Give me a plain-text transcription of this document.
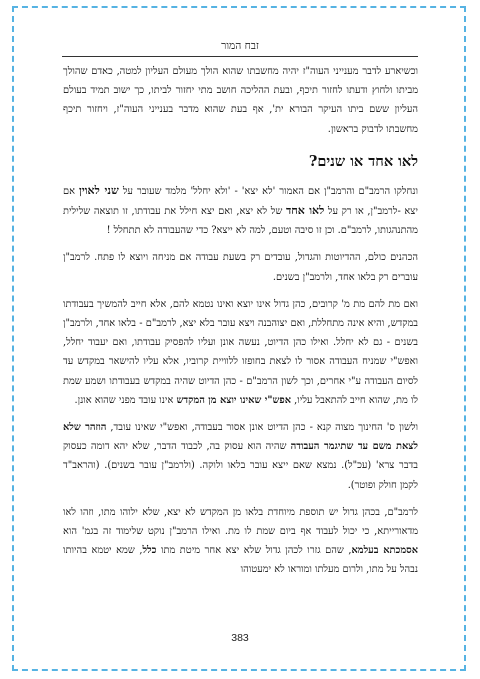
זבח המור

וכשיארע לדבר מענייני העוה"ז יהיה מחשבתו שהוא הולך מעולם העליון למטה, כאדם שהולך מביתו ולחוץ ודעתו לחזור תיכף, ובעת ההליכה חושב מתי יחזור לביתו, כך ישוב תמיד בעולם העליון ששם ביתו העיקר הבורא ית', אף בעת שהוא מדבר בענייני העוה"ז, ויחזור תיכף מחשבתו לדבוק בראשון.

לאו אחד או שנים?

ונחלקו הרמב"ם והרמב"ן אם האמור 'לא יצא' - 'ולא יחלל' מלמד שעובר על שני לאוין אם יצא -לרמב"ן, או רק על לאו אחד של לא יצא, ואם יצא חילל את עבודתו, זו תוצאה שלילית מהתנהגותו, לרמב"ם. וכן זו סיבה וטעם, למה לא ייצא? כדי שהעבודה לא תתחלל !

הכהנים כולם, ההדיוטות והגדול, עובדים רק בשעת עבודה אם מניחה ויוצא לו פתח. לרמב"ן עוברים רק בלאו אחד, ולרמב"ן בשנים.

ואם מת להם מת מ' קרובים, כהן גדול אינו יוצא ואינו נטמא להם, אלא חייב להמשיך בעבודתו במקדש, והיא אינה מתחללת, ואם יצוהבנה ויצא עובר בלא יצא, לרמב"ם - בלאו אחד, ולרמב"ן בשנים - גם לא יחלל. ואילו כהן הדיוט, נעשה אונן ועליו להפסיק עבודתו, ואם יעבוד יחלל, ואפש"י שמניח העבודה אסור לו לצאת בחופזו ללוויית קרוביו, אלא עליו להישאר במקדש עד לסיום העבודה ע"י אחרים, וכך לשון הרמב"ם - כהן הדיוט שהיה במקדש בעבודתו ושמע שמת לו מת, שהוא חייב להתאבל עליו, אפש"י שאינו יוצא מן המקדש אינו עובד מפני שהוא אונן.

ולשון ס' החינוך מצוה קנא - כהן הדיוט אונן אסור בעבודה, ואפש"י שאינו עובד, הוזהר שלא לצאת משם עד שתיגמר העבודה שהיה הוא עסוק בה, לכבוד הדבר, שלא יהא דומה כעסוק בדבר צרא' (עכ"ל). נמצא שאם ייצא עובר בלאו ולוקה. (ולרמב"ן עובר בשנים). (והראב"ד לקמן חולק ופוטר).

לרמב"ם, בכהן גדול יש תוספת מיוחדת בלאו מן המקדש לא יצא, שלא ילוהו מתו, וזהו לאו מדאורייתא, כי יכול לעבוד אף ביום שמת לו מת. ואילו הרמב"ן נוקט שלימוד זה בגמ' הוא אסמכתא בעלמא, שהם גזרו לכהן גדול שלא יצא אחר מיטת מתו כלל, שמא יטמא בהיותו נבהל על מתו, ולרום מעלתו ומוראו לא ימעטוהו

383
